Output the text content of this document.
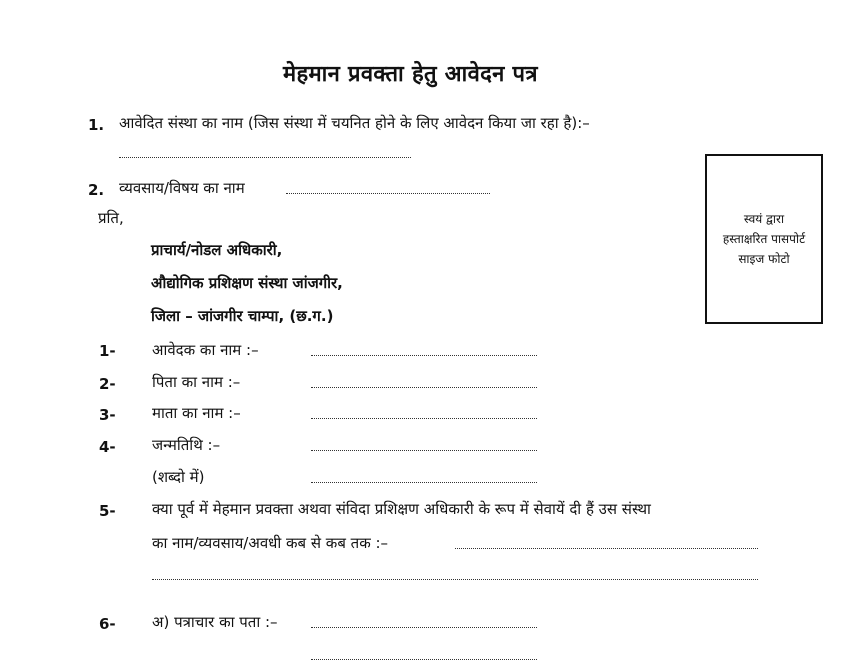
मेहमान प्रवक्ता हेतु आवेदन पत्र
1. आवेदित संस्था का नाम (जिस संस्था में चयनित होने के लिए आवेदन किया जा रहा है):–
2. व्यवसाय/विषय का नाम
प्रति,
प्राचार्य/नोडल अधिकारी,
औद्योगिक प्रशिक्षण संस्था जांजगीर,
जिला – जांजगीर चाम्पा, (छ.ग.)
स्वयं द्वारा
हस्ताक्षरित पासपोर्ट
साइज फोटो
1- आवेदक का नाम :–
2- पिता का नाम :–
3- माता का नाम :–
4- जन्मतिथि :–
(शब्दो में)
5- क्या पूर्व में मेहमान प्रवक्ता अथवा संविदा प्रशिक्षण अधिकारी के रूप में सेवायें दी हैं उस संस्था
का नाम/व्यवसाय/अवधी कब से कब तक :–
6- अ) पत्राचार का पता :–
